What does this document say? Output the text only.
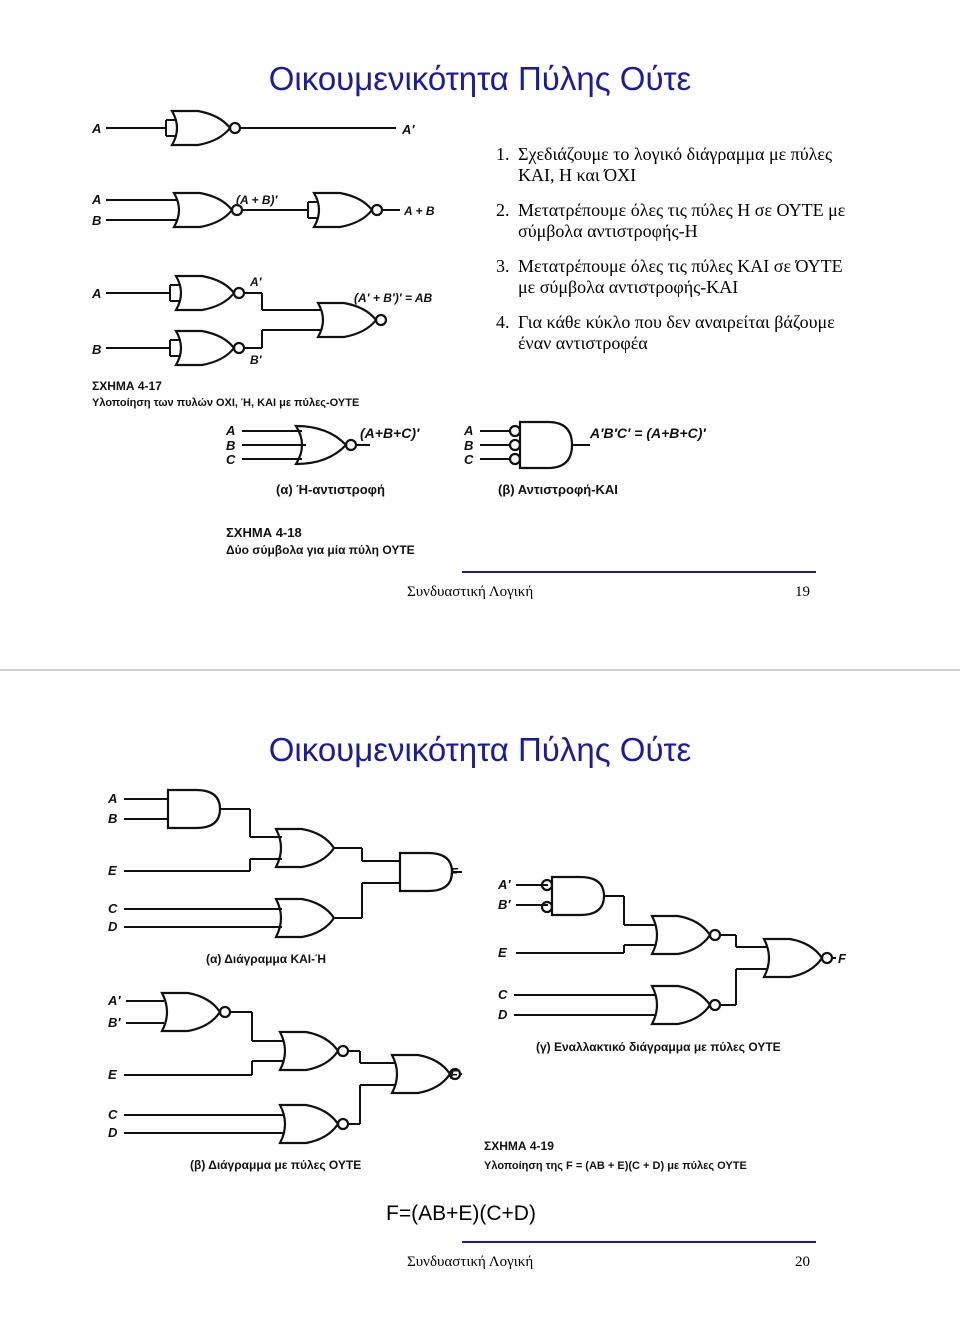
Οικουμενικότητα Πύλης Ούτε
A	A′
A
B
(A + B)′
A + B
A
A′
B
B′
(A′ + B′)′ = AB
ΣΧΗΜΑ 4-17
Υλοποίηση των πυλών ΟΧΙ, Ή, ΚΑΙ με πύλες-ΟΥΤΕ
1. Σχεδιάζουμε το λογικό διάγραμμα με πύλες ΚΑΙ, Η και ΌΧΙ
2. Μετατρέπουμε όλες τις πύλες Η σε ΟΥΤΕ με σύμβολα αντιστροφής-Η
3. Μετατρέπουμε όλες τις πύλες ΚΑΙ σε ΌΥΤΕ με σύμβολα αντιστροφής-ΚΑΙ
4. Για κάθε κύκλο που δεν αναιρείται βάζουμε έναν αντιστροφέα
A
B
C
(A+B+C)′
(α) Ή-αντιστροφή
A
B
C
A′B′C′ = (A+B+C)′
(β) Αντιστροφή-ΚΑΙ
ΣΧΗΜΑ 4-18
Δύο σύμβολα για μία πύλη ΟΥΤΕ
Συνδυαστική Λογική	19
Οικουμενικότητα Πύλης Ούτε
A
B
E
C
D
F
(α) Διάγραμμα ΚΑΙ-Ή
A′
B′
E
C
D
F
(β) Διάγραμμα με πύλες ΟΥΤΕ
A′
B′
E
C
D
F
(γ) Εναλλακτικό διάγραμμα με πύλες ΟΥΤΕ
ΣΧΗΜΑ 4-19
Υλοποίηση της F = (AB + E)(C + D) με πύλες ΟΥΤΕ
F=(AB+E)(C+D)
Συνδυαστική Λογική	20
